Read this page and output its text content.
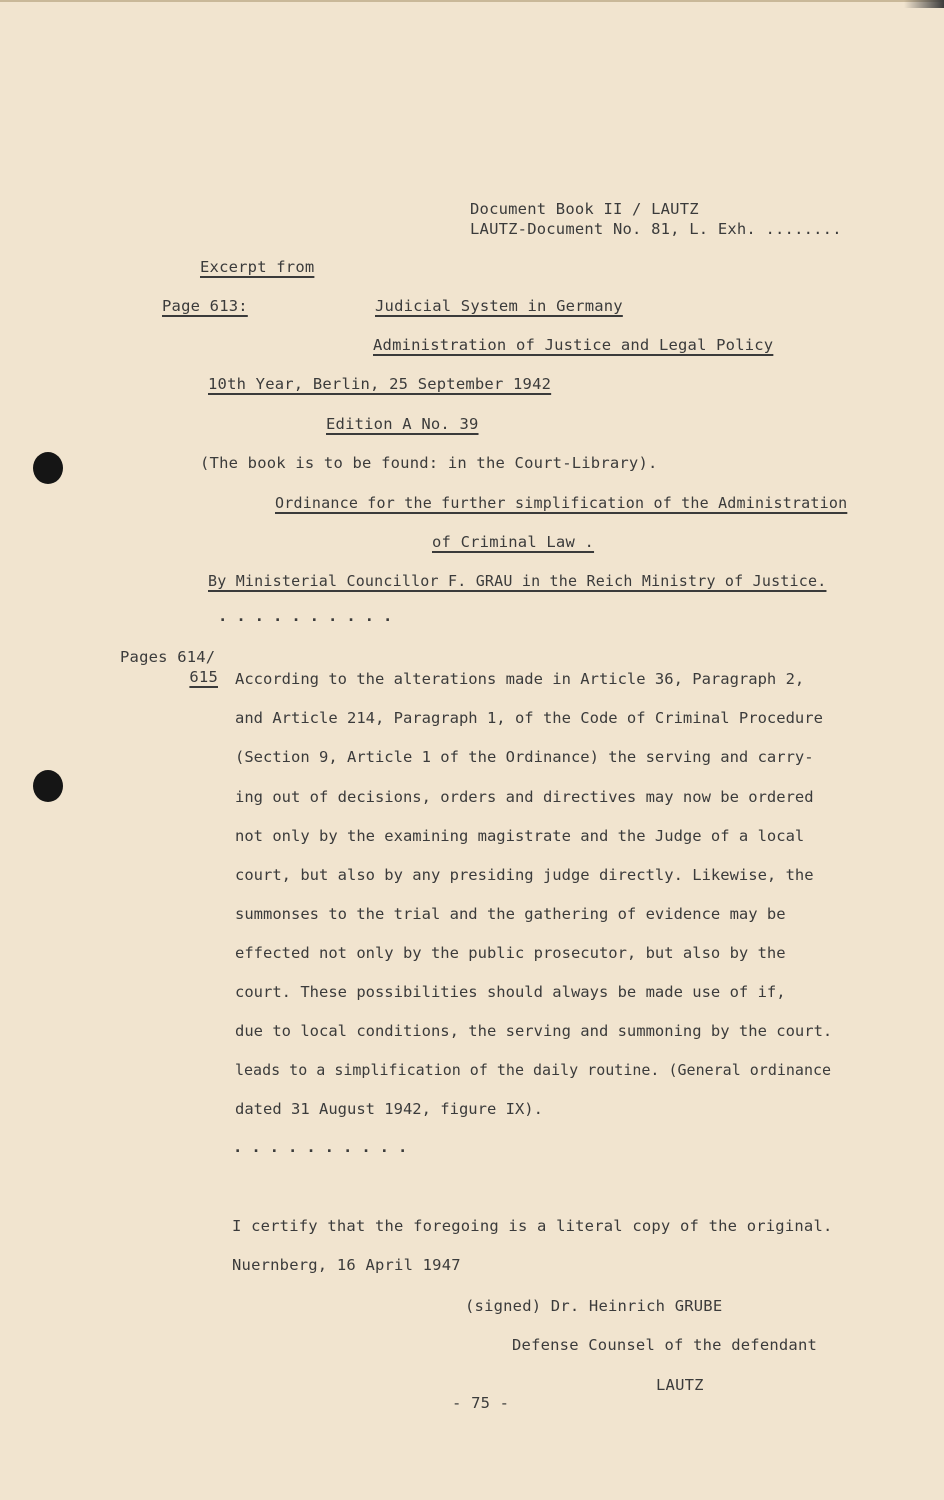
Document Book II / LAUTZ
LAUTZ-Document No. 81, L. Exh. ........
Excerpt from
Page 613:	Judicial System in Germany
Administration of Justice and Legal Policy
10th Year, Berlin, 25 September 1942
Edition A No. 39
(The book is to be found: in the Court-Library).
Ordinance for the further simplification of the Administration
of Criminal Law .
By Ministerial Councillor F. GRAU in the Reich Ministry of Justice.
..........
Pages 614/
615 According to the alterations made in Article 36, Paragraph 2,
and Article 214, Paragraph 1, of the Code of Criminal Procedure
(Section 9, Article 1 of the Ordinance) the serving and carry-
ing out of decisions, orders and directives may now be ordered
not only by the examining magistrate and the Judge of a local
court, but also by any presiding judge directly. Likewise, the
summonses to the trial and the gathering of evidence may be
effected not only by the public prosecutor, but also by the
court. These possibilities should always be made use of if,
due to local conditions, the serving and summoning by the court.
leads to a simplification of the daily routine. (General ordinance
dated 31 August 1942, figure IX).
..........
I certify that the foregoing is a literal copy of the original.
Nuernberg, 16 April 1947
(signed) Dr. Heinrich GRUBE
Defense Counsel of the defendant
LAUTZ
- 75 -
